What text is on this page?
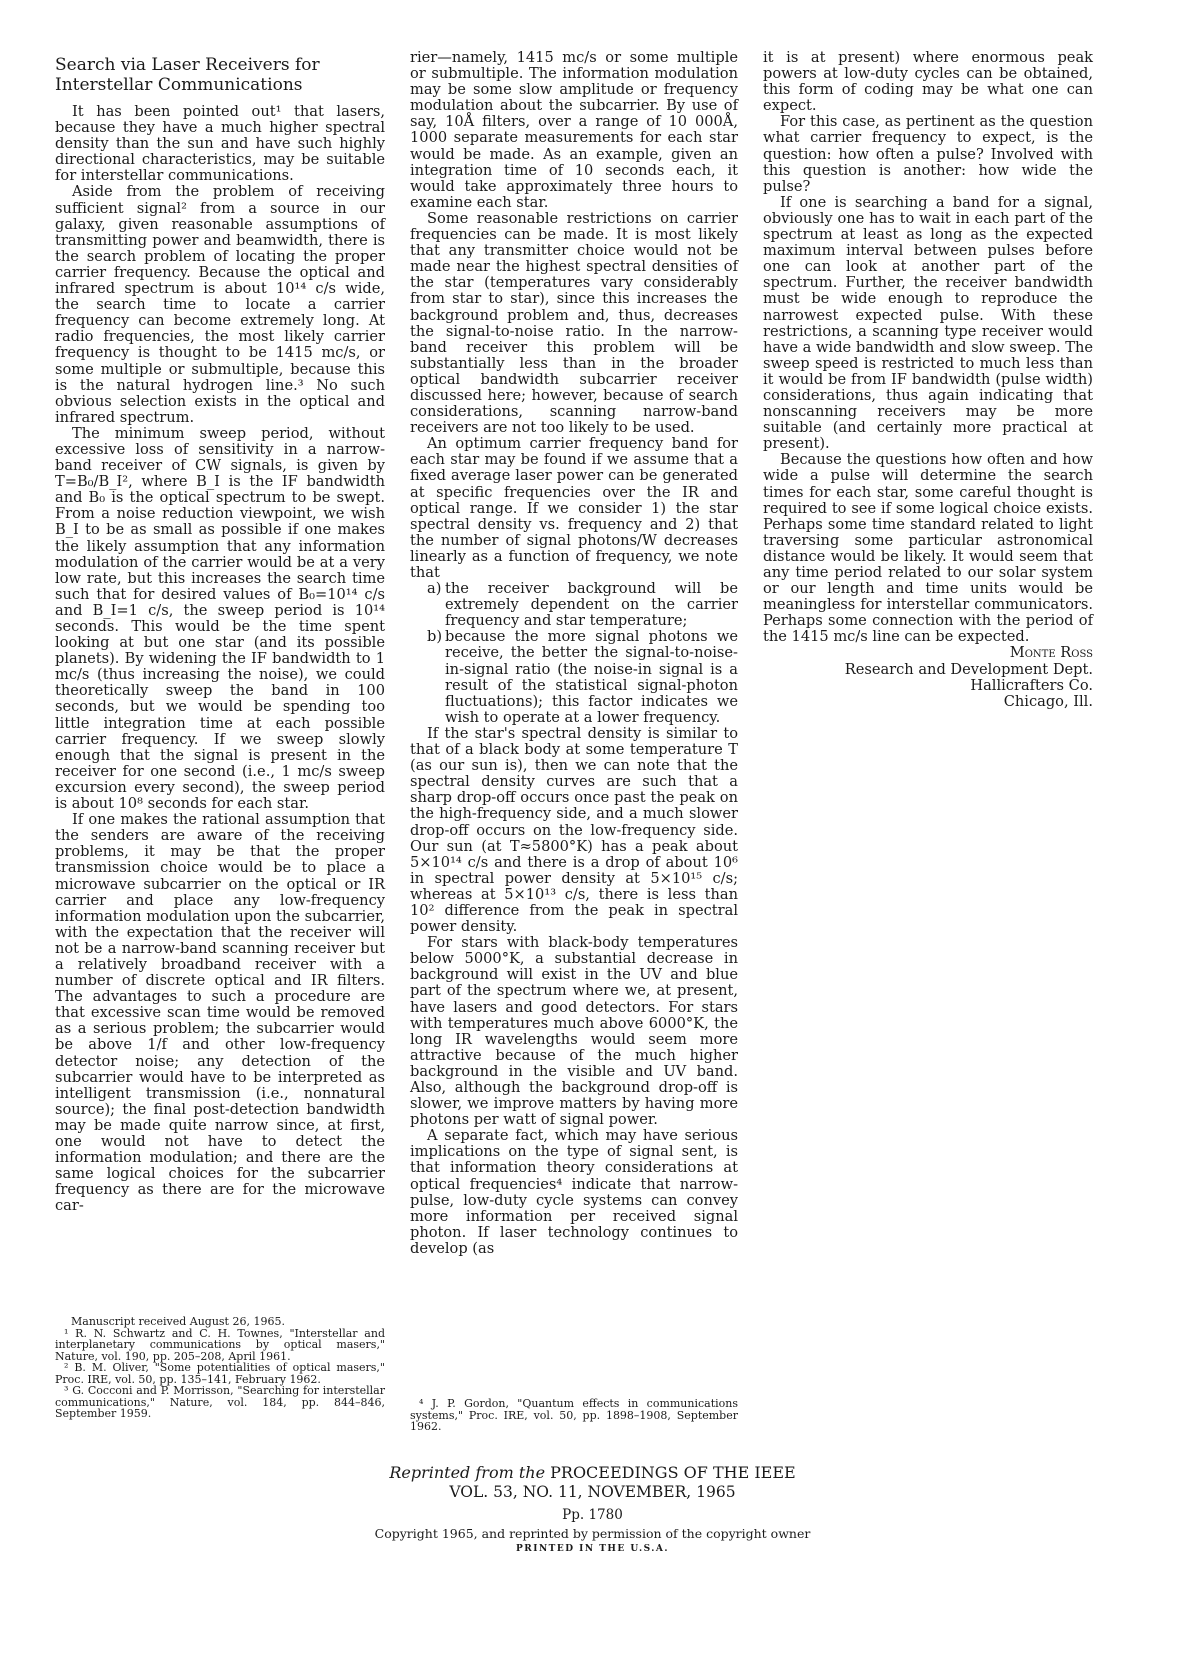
Search via Laser Receivers for Interstellar Communications

It has been pointed out¹ that lasers, because they have a much higher spectral density than the sun and have such highly directional characteristics, may be suitable for interstellar communications.

Aside from the problem of receiving sufficient signal² from a source in our galaxy, given reasonable assumptions of transmitting power and beamwidth, there is the search problem of locating the proper carrier frequency. Because the optical and infrared spectrum is about 10¹⁴ c/s wide, the search time to locate a carrier frequency can become extremely long. At radio frequencies, the most likely carrier frequency is thought to be 1415 mc/s, or some multiple or submultiple, because this is the natural hydrogen line.³ No such obvious selection exists in the optical and infrared spectrum.

The minimum sweep period, without excessive loss of sensitivity in a narrow-band receiver of CW signals, is given by T=B₀/B_I², where B_I is the IF bandwidth and B₀ is the optical spectrum to be swept. From a noise reduction viewpoint, we wish B_I to be as small as possible if one makes the likely assumption that any information modulation of the carrier would be at a very low rate, but this increases the search time such that for desired values of B₀=10¹⁴ c/s and B_I=1 c/s, the sweep period is 10¹⁴ seconds. This would be the time spent looking at but one star (and its possible planets). By widening the IF bandwidth to 1 mc/s (thus increasing the noise), we could theoretically sweep the band in 100 seconds, but we would be spending too little integration time at each possible carrier frequency. If we sweep slowly enough that the signal is present in the receiver for one second (i.e., 1 mc/s sweep excursion every second), the sweep period is about 10⁸ seconds for each star.

If one makes the rational assumption that the senders are aware of the receiving problems, it may be that the proper transmission choice would be to place a microwave subcarrier on the optical or IR carrier and place any low-frequency information modulation upon the subcarrier, with the expectation that the receiver will not be a narrow-band scanning receiver but a relatively broadband receiver with a number of discrete optical and IR filters. The advantages to such a procedure are that excessive scan time would be removed as a serious problem; the subcarrier would be above 1/f and other low-frequency detector noise; any detection of the subcarrier would have to be interpreted as intelligent transmission (i.e., nonnatural source); the final post-detection bandwidth may be made quite narrow since, at first, one would not have to detect the information modulation; and there are the same logical choices for the subcarrier frequency as there are for the microwave car-

rier—namely, 1415 mc/s or some multiple or submultiple. The information modulation may be some slow amplitude or frequency modulation about the subcarrier. By use of say, 10Å filters, over a range of 10 000Å, 1000 separate measurements for each star would be made. As an example, given an integration time of 10 seconds each, it would take approximately three hours to examine each star.

Some reasonable restrictions on carrier frequencies can be made. It is most likely that any transmitter choice would not be made near the highest spectral densities of the star (temperatures vary considerably from star to star), since this increases the background problem and, thus, decreases the signal-to-noise ratio. In the narrow-band receiver this problem will be substantially less than in the broader optical bandwidth subcarrier receiver discussed here; however, because of search considerations, scanning narrow-band receivers are not too likely to be used.

An optimum carrier frequency band for each star may be found if we assume that a fixed average laser power can be generated at specific frequencies over the IR and optical range. If we consider 1) the star spectral density vs. frequency and 2) that the number of signal photons/W decreases linearly as a function of frequency, we note that

a) the receiver background will be extremely dependent on the carrier frequency and star temperature;
b) because the more signal photons we receive, the better the signal-to-noise-in-signal ratio (the noise-in signal is a result of the statistical signal-photon fluctuations); this factor indicates we wish to operate at a lower frequency.

If the star's spectral density is similar to that of a black body at some temperature T (as our sun is), then we can note that the spectral density curves are such that a sharp drop-off occurs once past the peak on the high-frequency side, and a much slower drop-off occurs on the low-frequency side. Our sun (at T≈5800°K) has a peak about 5×10¹⁴ c/s and there is a drop of about 10⁶ in spectral power density at 5×10¹⁵ c/s; whereas at 5×10¹³ c/s, there is less than 10² difference from the peak in spectral power density.

For stars with black-body temperatures below 5000°K, a substantial decrease in background will exist in the UV and blue part of the spectrum where we, at present, have lasers and good detectors. For stars with temperatures much above 6000°K, the long IR wavelengths would seem more attractive because of the much higher background in the visible and UV band. Also, although the background drop-off is slower, we improve matters by having more photons per watt of signal power.

A separate fact, which may have serious implications on the type of signal sent, is that information theory considerations at optical frequencies⁴ indicate that narrow-pulse, low-duty cycle systems can convey more information per received signal photon. If laser technology continues to develop (as

it is at present) where enormous peak powers at low-duty cycles can be obtained, this form of coding may be what one can expect.

For this case, as pertinent as the question what carrier frequency to expect, is the question: how often a pulse? Involved with this question is another: how wide the pulse?

If one is searching a band for a signal, obviously one has to wait in each part of the spectrum at least as long as the expected maximum interval between pulses before one can look at another part of the spectrum. Further, the receiver bandwidth must be wide enough to reproduce the narrowest expected pulse. With these restrictions, a scanning type receiver would have a wide bandwidth and slow sweep. The sweep speed is restricted to much less than it would be from IF bandwidth (pulse width) considerations, thus again indicating that nonscanning receivers may be more suitable (and certainly more practical at present).

Because the questions how often and how wide a pulse will determine the search times for each star, some careful thought is required to see if some logical choice exists. Perhaps some time standard related to light traversing some particular astronomical distance would be likely. It would seem that any time period related to our solar system or our length and time units would be meaningless for interstellar communicators. Perhaps some connection with the period of the 1415 mc/s line can be expected.

Monte Ross
Research and Development Dept.
Hallicrafters Co.
Chicago, Ill.

Manuscript received August 26, 1965.

¹ R. N. Schwartz and C. H. Townes, "Interstellar and interplanetary communications by optical masers," Nature, vol. 190, pp. 205–208, April 1961.

² B. M. Oliver, "Some potentialities of optical masers," Proc. IRE, vol. 50, pp. 135–141, February 1962.

³ G. Cocconi and P. Morrisson, "Searching for interstellar communications," Nature, vol. 184, pp. 844–846, September 1959.

⁴ J. P. Gordon, "Quantum effects in communications systems," Proc. IRE, vol. 50, pp. 1898–1908, September 1962.

Reprinted from the PROCEEDINGS OF THE IEEE
VOL. 53, NO. 11, NOVEMBER, 1965
Pp. 1780
Copyright 1965, and reprinted by permission of the copyright owner
PRINTED IN THE U.S.A.
